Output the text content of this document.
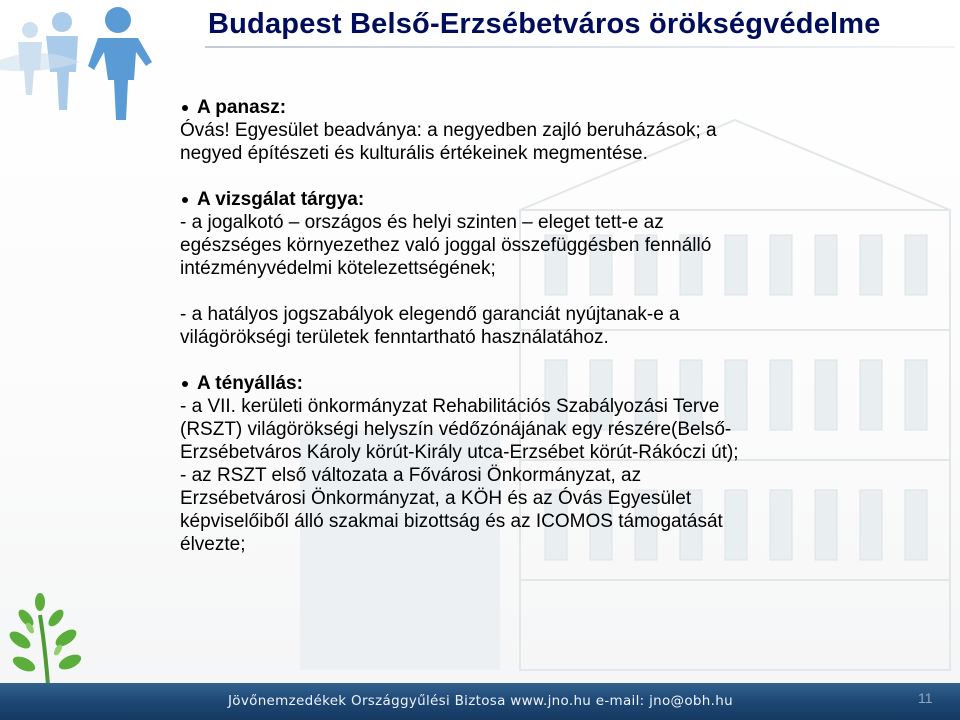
Budapest Belső-Erzsébetváros örökségvédelme

A panasz:

Óvás! Egyesület beadványa: a negyedben zajló beruházások; a

negyed építészeti és kulturális értékeinek megmentése.

A vizsgálat tárgya:

- a jogalkotó – országos és helyi szinten – eleget tett-e az

egészséges környezethez való joggal összefüggésben fennálló

intézményvédelmi kötelezettségének;

- a hatályos jogszabályok elegendő garanciát nyújtanak-e a

világörökségi területek fenntartható használatához.

A tényállás:

- a VII. kerületi önkormányzat Rehabilitációs Szabályozási Terve

(RSZT) világörökségi helyszín védőzónájának egy részére(Belső-

Erzsébetváros Károly körút-Király utca-Erzsébet körút-Rákóczi út);

- az RSZT első változata a Fővárosi Önkormányzat, az

Erzsébetvárosi Önkormányzat, a KÖH és az Óvás Egyesület

képviselőiből álló szakmai bizottság és az ICOMOS támogatását

élvezte;

Jövőnemzedékek Országgyűlési Biztosa www.jno.hu e-mail: jno@obh.hu	11
